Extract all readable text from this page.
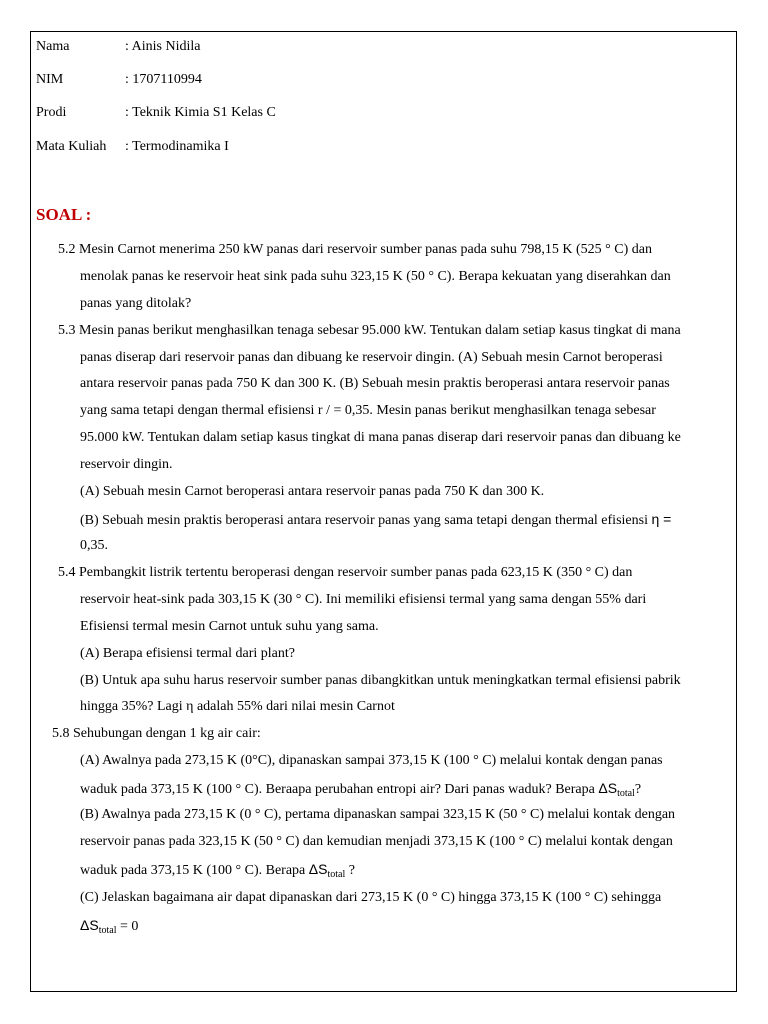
Nama	: Ainis Nidila
NIM	: 1707110994
Prodi	: Teknik Kimia S1 Kelas C
Mata Kuliah : Termodinamika I
SOAL :
5.2 Mesin Carnot menerima 250 kW panas dari reservoir sumber panas pada suhu 798,15 K (525 ° C) dan
menolak panas ke reservoir heat sink pada suhu 323,15 K (50 ° C). Berapa kekuatan yang diserahkan dan
panas yang ditolak?
5.3 Mesin panas berikut menghasilkan tenaga sebesar 95.000 kW. Tentukan dalam setiap kasus tingkat di mana
panas diserap dari reservoir panas dan dibuang ke reservoir dingin. (A) Sebuah mesin Carnot beroperasi
antara reservoir panas pada 750 K dan 300 K. (B) Sebuah mesin praktis beroperasi antara reservoir panas
yang sama tetapi dengan thermal efisiensi r / = 0,35. Mesin panas berikut menghasilkan tenaga sebesar
95.000 kW. Tentukan dalam setiap kasus tingkat di mana panas diserap dari reservoir panas dan dibuang ke
reservoir dingin.
(A) Sebuah mesin Carnot beroperasi antara reservoir panas pada 750 K dan 300 K.
(B) Sebuah mesin praktis beroperasi antara reservoir panas yang sama tetapi dengan thermal efisiensi η =
0,35.
5.4 Pembangkit listrik tertentu beroperasi dengan reservoir sumber panas pada 623,15 K (350 ° C) dan
reservoir heat-sink pada 303,15 K (30 ° C). Ini memiliki efisiensi termal yang sama dengan 55% dari
Efisiensi termal mesin Carnot untuk suhu yang sama.
(A) Berapa efisiensi termal dari plant?
(B) Untuk apa suhu harus reservoir sumber panas dibangkitkan untuk meningkatkan termal efisiensi pabrik
hingga 35%? Lagi η adalah 55% dari nilai mesin Carnot
5.8 Sehubungan dengan 1 kg air cair:
(A) Awalnya pada 273,15 K (0°C), dipanaskan sampai 373,15 K (100 ° C) melalui kontak dengan panas
waduk pada 373,15 K (100 ° C). Beraapa perubahan entropi air? Dari panas waduk? Berapa $\Delta S_{total}$?
(B) Awalnya pada 273,15 K (0 ° C), pertama dipanaskan sampai 323,15 K (50 ° C) melalui kontak dengan
reservoir panas pada 323,15 K (50 ° C) dan kemudian menjadi 373,15 K (100 ° C) melalui kontak dengan
waduk pada 373,15 K (100 ° C). Berapa $\Delta S_{total}$ ?
(C) Jelaskan bagaimana air dapat dipanaskan dari 273,15 K (0 ° C) hingga 373,15 K (100 ° C) sehingga
$\Delta S_{total} = 0$
